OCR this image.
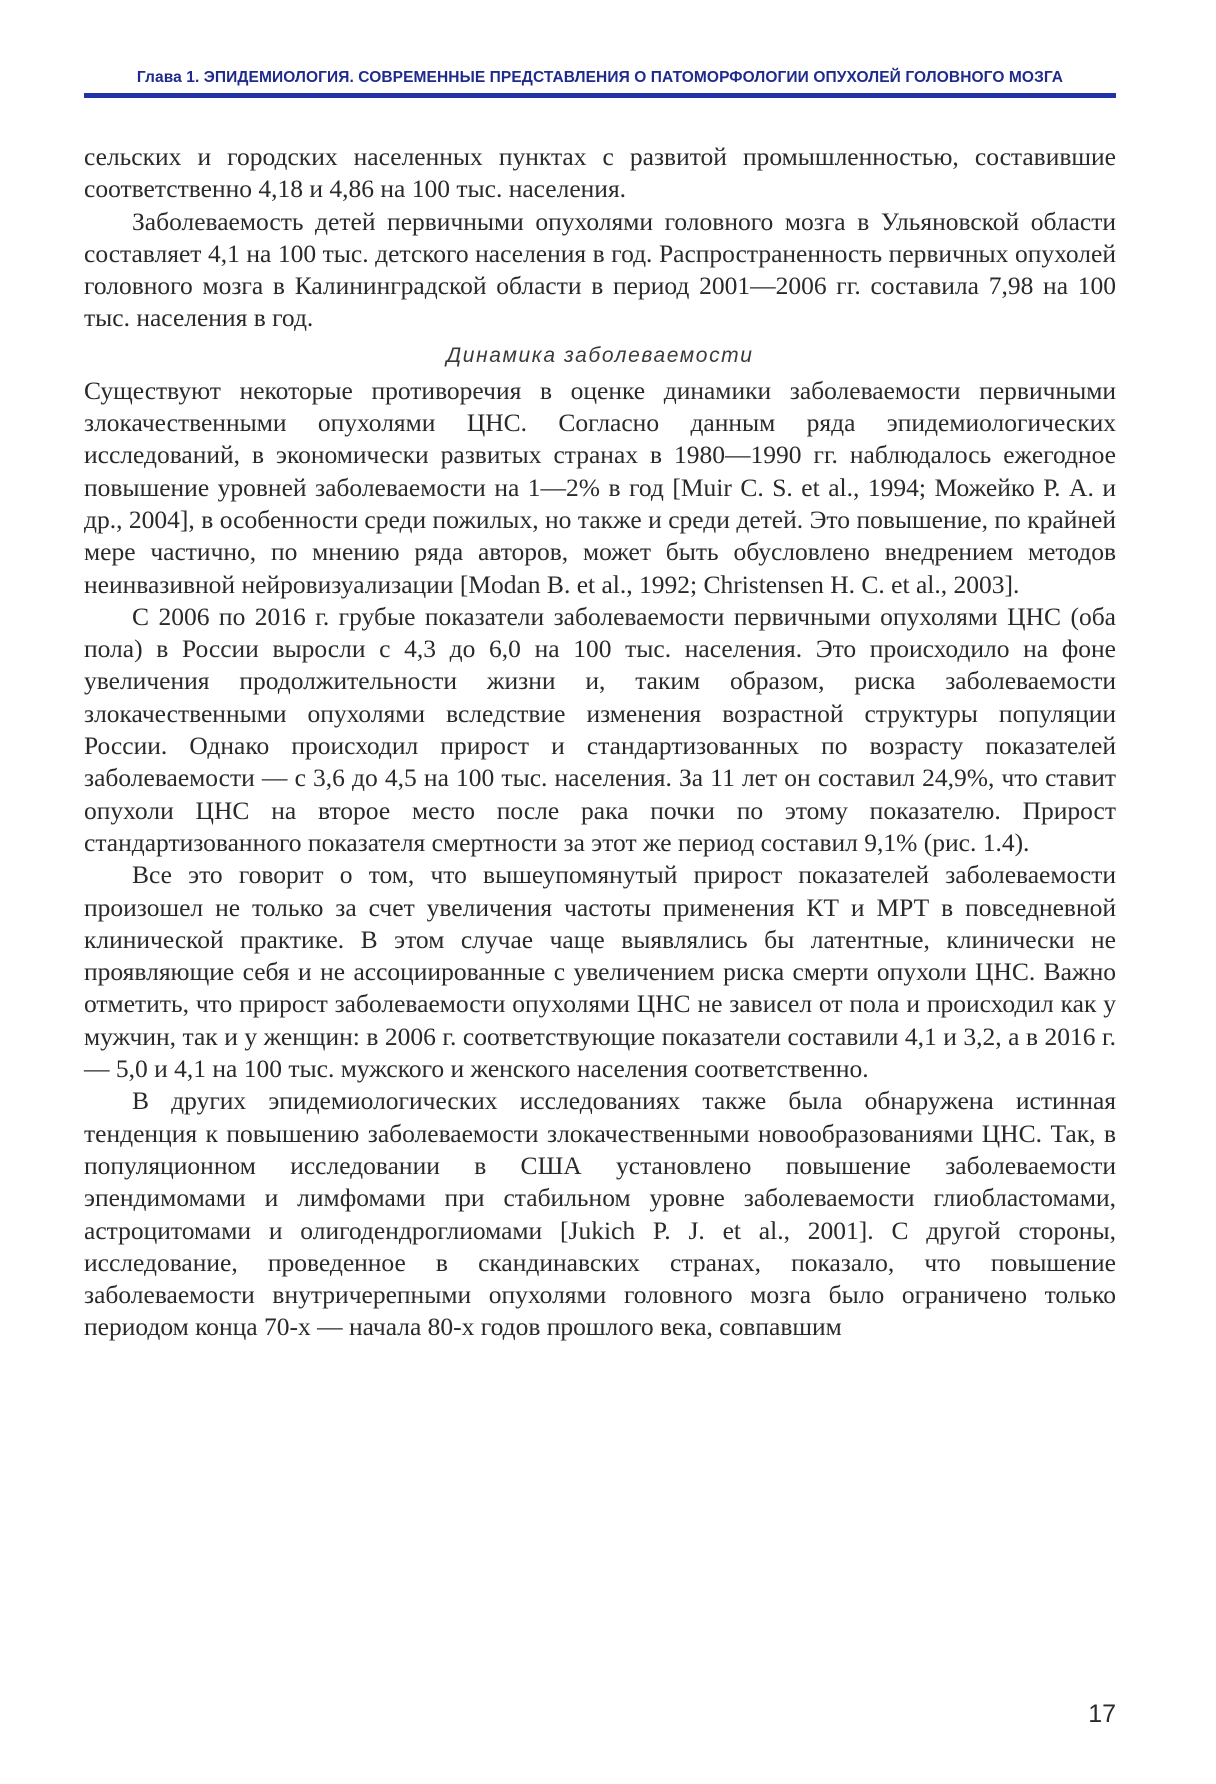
Глава 1. ЭПИДЕМИОЛОГИЯ. СОВРЕМЕННЫЕ ПРЕДСТАВЛЕНИЯ О ПАТОМОРФОЛОГИИ ОПУХОЛЕЙ ГОЛОВНОГО МОЗГА

сельских и городских населенных пунктах с развитой промышленностью, составившие соответственно 4,18 и 4,86 на 100 тыс. населения.

Заболеваемость детей первичными опухолями головного мозга в Ульяновской области составляет 4,1 на 100 тыс. детского населения в год. Распространенность первичных опухолей головного мозга в Калининградской области в период 2001—2006 гг. составила 7,98 на 100 тыс. населения в год.

Динамика заболеваемости

Существуют некоторые противоречия в оценке динамики заболеваемости первичными злокачественными опухолями ЦНС. Согласно данным ряда эпидемиологических исследований, в экономически развитых странах в 1980—1990 гг. наблюдалось ежегодное повышение уровней заболеваемости на 1—2% в год [Muir C. S. et al., 1994; Можейко Р. А. и др., 2004], в особенности среди пожилых, но также и среди детей. Это повышение, по крайней мере частично, по мнению ряда авторов, может быть обусловлено внедрением методов неинвазивной нейровизуализации [Modan B. et al., 1992; Christensen H. C. et al., 2003].

С 2006 по 2016 г. грубые показатели заболеваемости первичными опухолями ЦНС (оба пола) в России выросли с 4,3 до 6,0 на 100 тыс. населения. Это происходило на фоне увеличения продолжительности жизни и, таким образом, риска заболеваемости злокачественными опухолями вследствие изменения возрастной структуры популяции России. Однако происходил прирост и стандартизованных по возрасту показателей заболеваемости — с 3,6 до 4,5 на 100 тыс. населения. За 11 лет он составил 24,9%, что ставит опухоли ЦНС на второе место после рака почки по этому показателю. Прирост стандартизованного показателя смертности за этот же период составил 9,1% (рис. 1.4).

Все это говорит о том, что вышеупомянутый прирост показателей заболеваемости произошел не только за счет увеличения частоты применения КТ и МРТ в повседневной клинической практике. В этом случае чаще выявлялись бы латентные, клинически не проявляющие себя и не ассоциированные с увеличением риска смерти опухоли ЦНС. Важно отметить, что прирост заболеваемости опухолями ЦНС не зависел от пола и происходил как у мужчин, так и у женщин: в 2006 г. соответствующие показатели составили 4,1 и 3,2, а в 2016 г. — 5,0 и 4,1 на 100 тыс. мужского и женского населения соответственно.

В других эпидемиологических исследованиях также была обнаружена истинная тенденция к повышению заболеваемости злокачественными новообразованиями ЦНС. Так, в популяционном исследовании в США установлено повышение заболеваемости эпендимомами и лимфомами при стабильном уровне заболеваемости глиобластомами, астроцитомами и олигодендроглиомами [Jukich P. J. et al., 2001]. С другой стороны, исследование, проведенное в скандинавских странах, показало, что повышение заболеваемости внутричерепными опухолями головного мозга было ограничено только периодом конца 70-х — начала 80-х годов прошлого века, совпавшим

17
